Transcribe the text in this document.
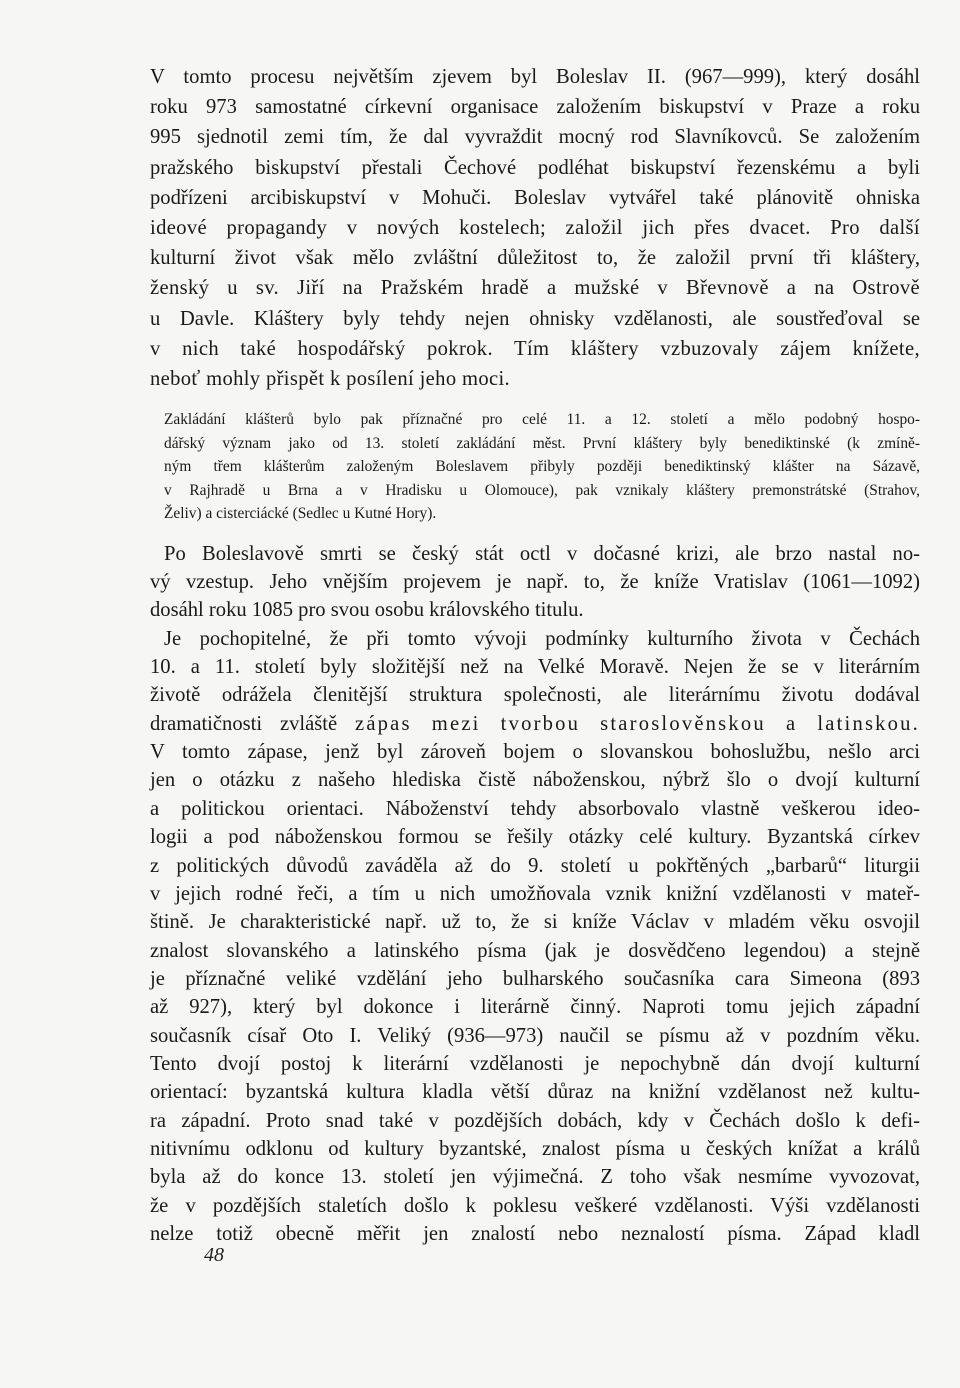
V tomto procesu největším zjevem byl Boleslav II. (967—999), který dosáhl
roku 973 samostatné církevní organisace založením biskupství v Praze a roku
995 sjednotil zemi tím, že dal vyvraždit mocný rod Slavníkovců. Se založením
pražského biskupství přestali Čechové podléhat biskupství řezenskému a byli
podřízeni arcibiskupství v Mohuči. Boleslav vytvářel také plánovitě ohniska
ideové propagandy v nových kostelech; založil jich přes dvacet. Pro další
kulturní život však mělo zvláštní důležitost to, že založil první tři kláštery,
ženský u sv. Jiří na Pražském hradě a mužské v Břevnově a na Ostrově
u Davle. Kláštery byly tehdy nejen ohnisky vzdělanosti, ale soustřeďoval se
v nich také hospodářský pokrok. Tím kláštery vzbuzovaly zájem knížete,
neboť mohly přispět k posílení jeho moci.
Zakládání klášterů bylo pak příznačné pro celé 11. a 12. století a mělo podobný hospo-
dářský význam jako od 13. století zakládání měst. První kláštery byly benediktinské (k zmíně-
ným třem klášterům založeným Boleslavem přibyly později benediktinský klášter na Sázavě,
v Rajhradě u Brna a v Hradisku u Olomouce), pak vznikaly kláštery premonstrátské (Strahov,
Želiv) a cisterciácké (Sedlec u Kutné Hory).
Po Boleslavově smrti se český stát octl v dočasné krizi, ale brzo nastal no-
vý vzestup. Jeho vnějším projevem je např. to, že kníže Vratislav (1061—1092)
dosáhl roku 1085 pro svou osobu královského titulu.
Je pochopitelné, že při tomto vývoji podmínky kulturního života v Čechách
10. a 11. století byly složitější než na Velké Moravě. Nejen že se v literárním
životě odrážela členitější struktura společnosti, ale literárnímu životu dodával
dramatičnosti zvláště zápas mezi tvorbou staroslověnskou a latinskou.
V tomto zápase, jenž byl zároveň bojem o slovanskou bohoslužbu, nešlo arci
jen o otázku z našeho hlediska čistě náboženskou, nýbrž šlo o dvojí kulturní
a politickou orientaci. Náboženství tehdy absorbovalo vlastně veškerou ideo-
logii a pod náboženskou formou se řešily otázky celé kultury. Byzantská církev
z politických důvodů zaváděla až do 9. století u pokřtěných „barbarů“ liturgii
v jejich rodné řeči, a tím u nich umožňovala vznik knižní vzdělanosti v mateř-
štině. Je charakteristické např. už to, že si kníže Václav v mladém věku osvojil
znalost slovanského a latinského písma (jak je dosvědčeno legendou) a stejně
je příznačné veliké vzdělání jeho bulharského současníka cara Simeona (893
až 927), který byl dokonce i literárně činný. Naproti tomu jejich západní
současník císař Oto I. Veliký (936—973) naučil se písmu až v pozdním věku.
Tento dvojí postoj k literární vzdělanosti je nepochybně dán dvojí kulturní
orientací: byzantská kultura kladla větší důraz na knižní vzdělanost než kultu-
ra západní. Proto snad také v pozdějších dobách, kdy v Čechách došlo k defi-
nitivnímu odklonu od kultury byzantské, znalost písma u českých knížat a králů
byla až do konce 13. století jen výjimečná. Z toho však nesmíme vyvozovat,
že v pozdějších staletích došlo k poklesu veškeré vzdělanosti. Výši vzdělanosti
nelze totiž obecně měřit jen znalostí nebo neznalostí písma. Západ kladl
48
